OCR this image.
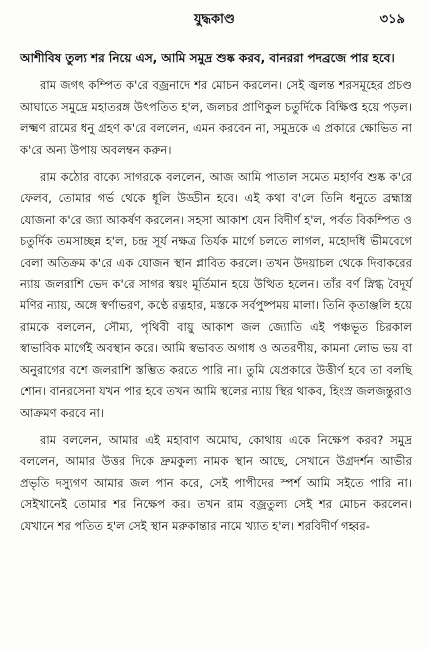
যুদ্ধকাণ্ড	৩১৯

আশীবিষ তুল্য শর নিয়ে এস, আমি সমুদ্র শুষ্ক করব, বানররা পদব্রজে পার হবে।

রাম জগৎ কম্পিত ক'রে বজ্রনাদে শর মোচন করলেন। সেই জ্বলন্ত শরসমূহের প্রচণ্ড আঘাতে সমুদ্রে মহাতরঙ্গ উৎপতিত হ'ল, জলচর প্রাণিকুল চতুর্দিকে বিক্ষিপ্ত হয়ে পড়ল। লক্ষ্মণ রামের ধনু গ্রহণ ক'রে বললেন, এমন করবেন না, সমুদ্রকে এ প্রকারে ক্ষোভিত না ক'রে অন্য উপায় অবলম্বন করুন।

রাম কঠোর বাক্যে সাগরকে বললেন, আজ আমি পাতাল সমেত মহার্ণব শুষ্ক ক'রে ফেলব, তোমার গর্ভ থেকে ধূলি উড্ডীন হবে। এই কথা ব'লে তিনি ধনুতে ব্রহ্মাস্ত্র যোজনা ক'রে জ্যা আকর্ষণ করলেন। সহসা আকাশ যেন বিদীর্ণ হ'ল, পর্বত বিকম্পিত ও চতুর্দিক তমসাচ্ছন্ন হ'ল, চন্দ্র সূর্য নক্ষত্র তির্যক মার্গে চলতে লাগল, মহোদধি ভীমবেগে বেলা অতিক্রম ক'রে এক যোজন স্থান প্লাবিত করলে। তখন উদয়াচল থেকে দিবাকরের ন্যায় জলরাশি ভেদ ক'রে সাগর স্বয়ং মূর্তিমান হয়ে উত্থিত হলেন। তাঁর বর্ণ স্নিগ্ধ বৈদূর্য মণির ন্যায়, অঙ্গে স্বর্ণাভরণ, কণ্ঠে রত্নহার, মস্তকে সর্বপুষ্পময় মালা। তিনি কৃতাঞ্জলি হয়ে রামকে বললেন, সৌম্য, পৃথিবী বায়ু আকাশ জল জ্যোতি এই পঞ্চভূত চিরকাল স্বাভাবিক মার্গেই অবস্থান করে। আমি স্বভাবত অগাধ ও অতরণীয়, কামনা লোভ ভয় বা অনুরাগের বশে জলরাশি স্তম্ভিত করতে পারি না। তুমি যেপ্রকারে উত্তীর্ণ হবে তা বলছি শোন। বানরসেনা যখন পার হবে তখন আমি স্থলের ন্যায় স্থির থাকব, হিংস্র জলজন্তুরাও আক্রমণ করবে না।

রাম বললেন, আমার এই মহাবাণ অমোঘ, কোথায় একে নিক্ষেপ করব? সমুদ্র বললেন, আমার উত্তর দিকে দ্রুমকুল্য নামক স্থান আছে, সেখানে উগ্রদর্শন আভীর প্রভৃতি দস্যুগণ আমার জল পান করে, সেই পাপীদের স্পর্শ আমি সইতে পারি না। সেইখানেই তোমার শর নিক্ষেপ কর। তখন রাম বজ্রতুল্য সেই শর মোচন করলেন। যেখানে শর পতিত হ'ল সেই স্থান মরুকান্তার নামে খ্যাত হ'ল। শরবিদীর্ণ গহ্বর-
